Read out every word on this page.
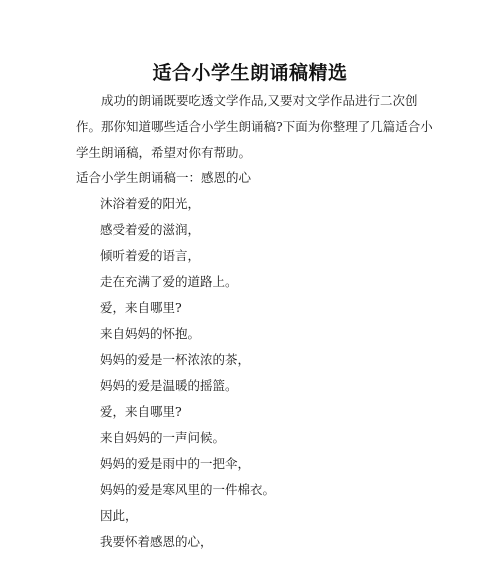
适合小学生朗诵稿精选
成功的朗诵既要吃透文学作品,又要对文学作品进行二次创作。那你知道哪些适合小学生朗诵稿?下面为你整理了几篇适合小学生朗诵稿，希望对你有帮助。
适合小学生朗诵稿一：感恩的心
沐浴着爱的阳光，
感受着爱的滋润，
倾听着爱的语言，
走在充满了爱的道路上。
爱，来自哪里?
来自妈妈的怀抱。
妈妈的爱是一杯浓浓的茶，
妈妈的爱是温暖的摇篮。
爱，来自哪里?
来自妈妈的一声问候。
妈妈的爱是雨中的一把伞，
妈妈的爱是寒风里的一件棉衣。
因此，
我要怀着感恩的心，
